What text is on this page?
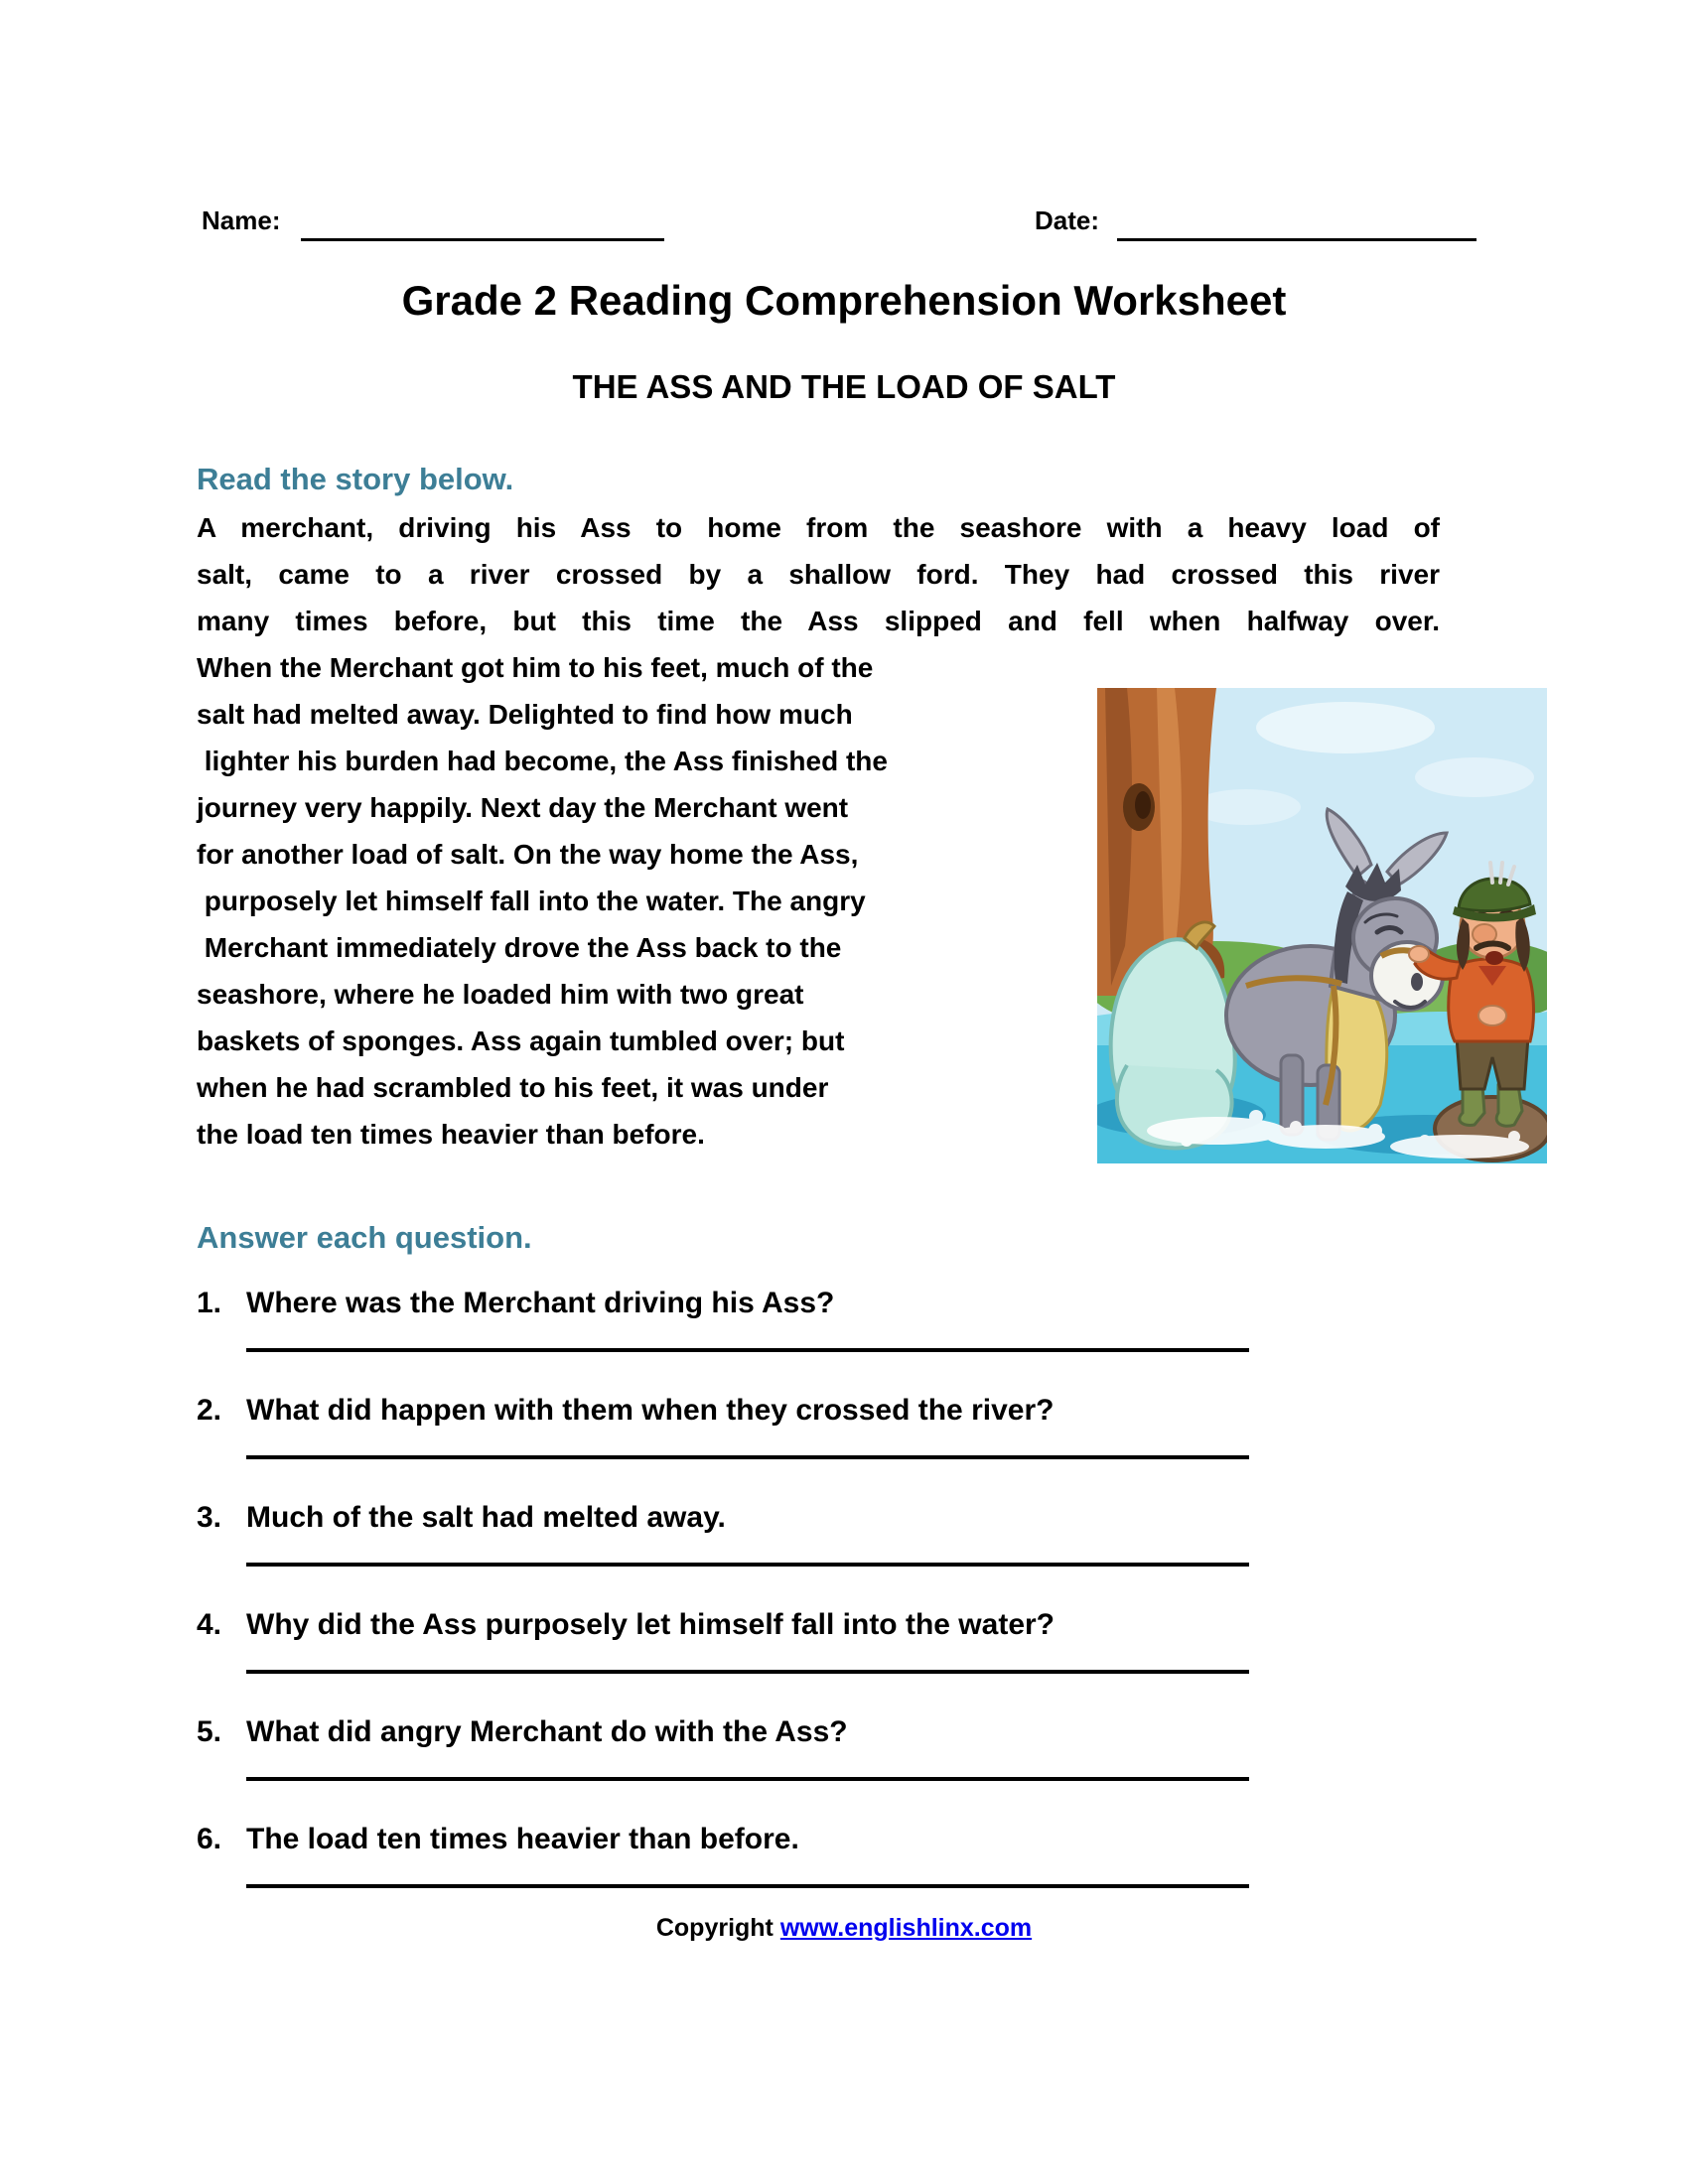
Name:	Date:
Grade 2 Reading Comprehension Worksheet
THE ASS AND THE LOAD OF SALT
Read the story below.
A merchant, driving his Ass to home from the seashore with a heavy load of
salt, came to a river crossed by a shallow ford. They had crossed this river
many times before, but this time the Ass slipped and fell when halfway over.
When the Merchant got him to his feet, much of the
salt had melted away. Delighted to find how much
lighter his burden had become, the Ass finished the
journey very happily. Next day the Merchant went
for another load of salt. On the way home the Ass,
purposely let himself fall into the water. The angry
Merchant immediately drove the Ass back to the
seashore, where he loaded him with two great
baskets of sponges. Ass again tumbled over; but
when he had scrambled to his feet, it was under
the load ten times heavier than before.
Answer each question.
1. Where was the Merchant driving his Ass?
2. What did happen with them when they crossed the river?
3. Much of the salt had melted away.
4. Why did the Ass purposely let himself fall into the water?
5. What did angry Merchant do with the Ass?
6. The load ten times heavier than before.
Copyright www.englishlinx.com
